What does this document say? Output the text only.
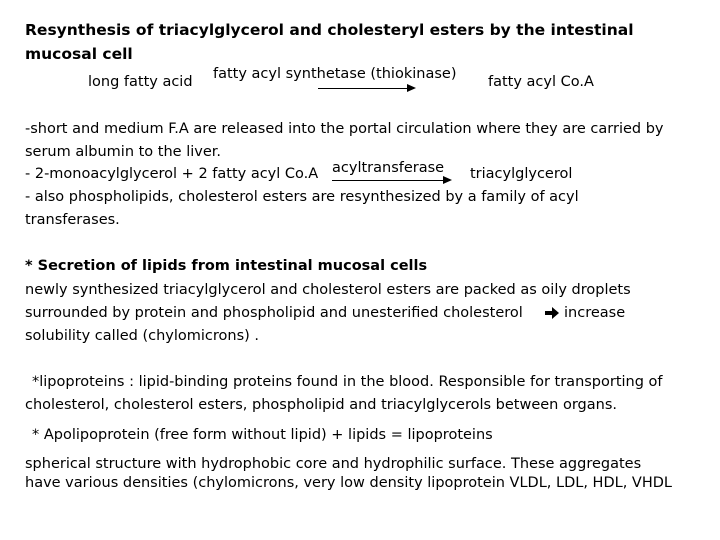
Resynthesis of triacylglycerol and cholesteryl esters by the intestinal
mucosal cell
long fatty acid fatty acyl synthetase (thiokinase) fatty acyl Co.A
-short and medium F.A are released into the portal circulation where they are carried by
serum albumin to the liver.
- 2-monoacylglycerol + 2 fatty acyl Co.A acyltransferase triacylglycerol
- also phospholipids, cholesterol esters are resynthesized by a family of acyl
transferases.
* Secretion of lipids from intestinal mucosal cells
newly synthesized triacylglycerol and cholesterol esters are packed as oily droplets
surrounded by protein and phospholipid and unesterified cholesterol	increase
solubility called (chylomicrons) .
*lipoproteins : lipid-binding proteins found in the blood. Responsible for transporting of
cholesterol, cholesterol esters, phospholipid and triacylglycerols between organs.
* Apolipoprotein (free form without lipid) + lipids = lipoproteins
spherical structure with hydrophobic core and hydrophilic surface. These aggregates
have various densities (chylomicrons, very low density lipoprotein VLDL, LDL, HDL, VHDL
